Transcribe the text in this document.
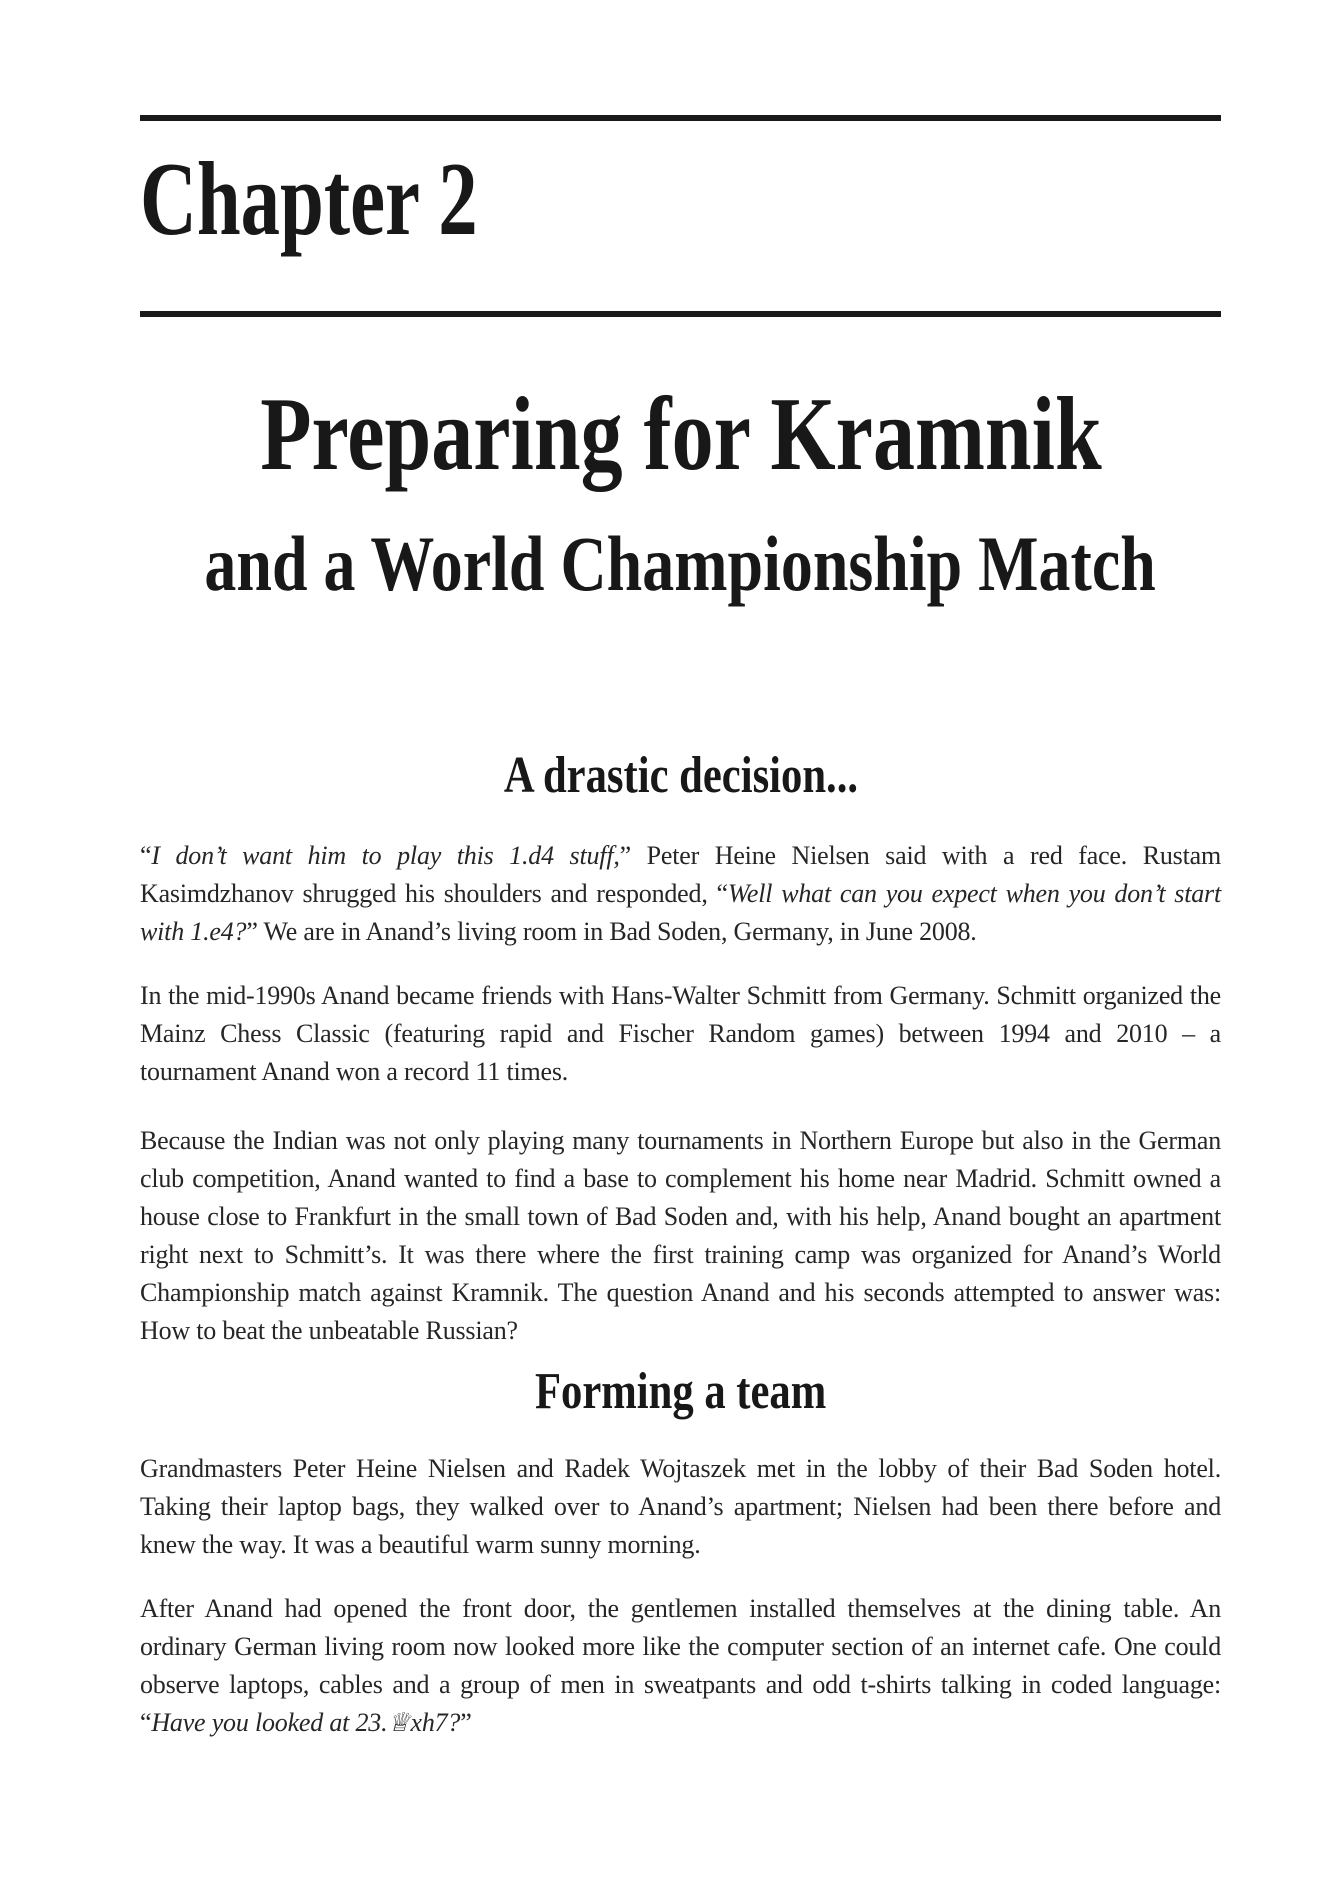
Chapter 2
Preparing for Kramnik
and a World Championship Match
A drastic decision...

“I don’t want him to play this 1.d4 stuff,” Peter Heine Nielsen said with a red face. Rustam Kasimdzhanov shrugged his shoulders and responded, “Well what can you expect when you don’t start with 1.e4?” We are in Anand’s living room in Bad Soden, Germany, in June 2008.

In the mid-1990s Anand became friends with Hans-Walter Schmitt from Germany. Schmitt organized the Mainz Chess Classic (featuring rapid and Fischer Random games) between 1994 and 2010 – a tournament Anand won a record 11 times.

Because the Indian was not only playing many tournaments in Northern Europe but also in the German club competition, Anand wanted to find a base to complement his home near Madrid. Schmitt owned a house close to Frankfurt in the small town of Bad Soden and, with his help, Anand bought an apartment right next to Schmitt’s. It was there where the first training camp was organized for Anand’s World Championship match against Kramnik. The question Anand and his seconds attempted to answer was: How to beat the unbeatable Russian?

Forming a team

Grandmasters Peter Heine Nielsen and Radek Wojtaszek met in the lobby of their Bad Soden hotel. Taking their laptop bags, they walked over to Anand’s apartment; Nielsen had been there before and knew the way. It was a beautiful warm sunny morning.

After Anand had opened the front door, the gentlemen installed themselves at the dining table. An ordinary German living room now looked more like the computer section of an internet cafe. One could observe laptops, cables and a group of men in sweatpants and odd t-shirts talking in coded language: “Have you looked at 23.♕xh7?”
